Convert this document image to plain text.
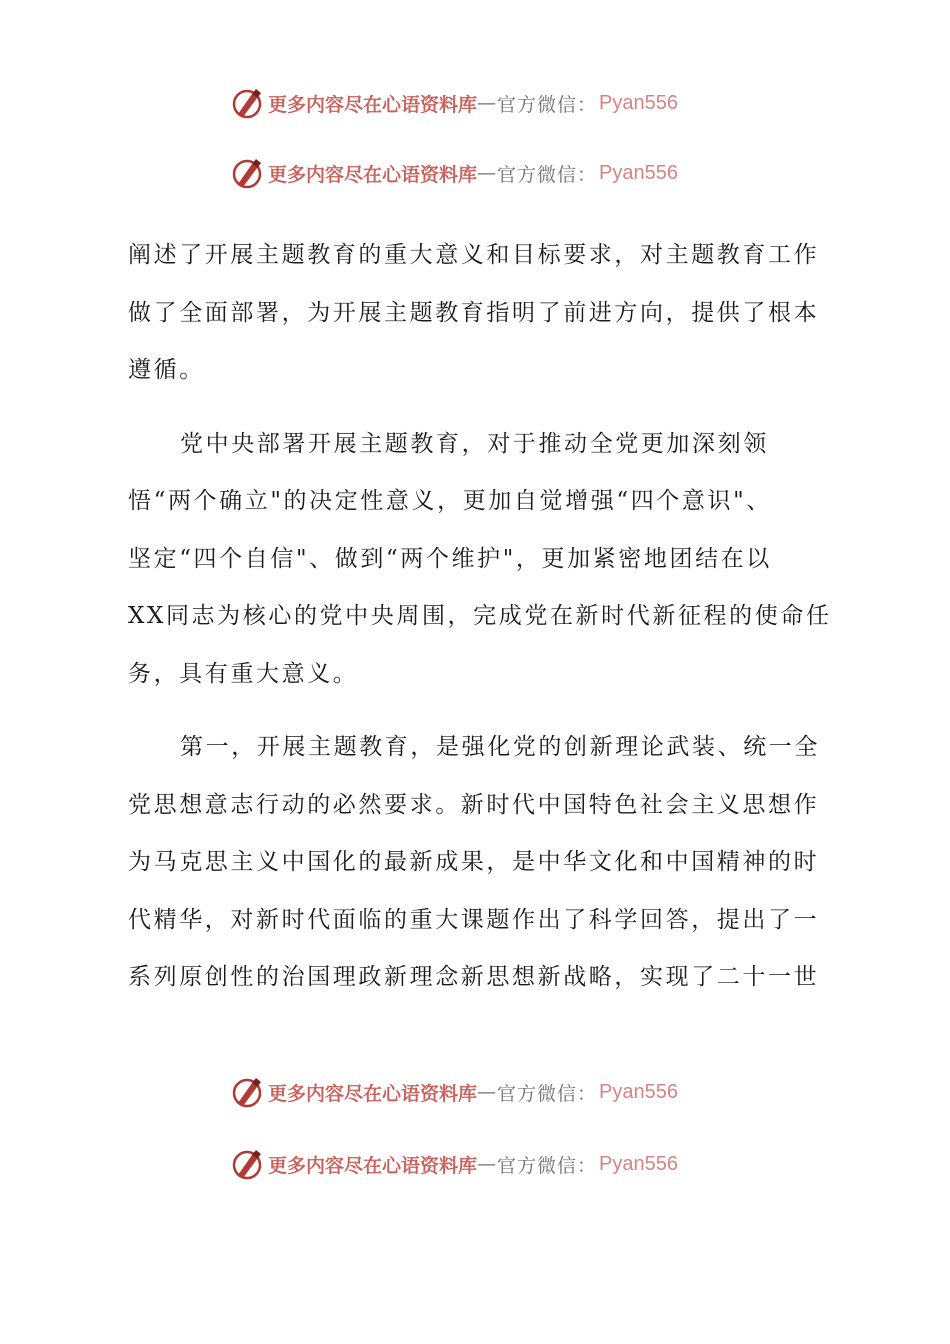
更多内容尽在心语资料库 — 官方微信： Pyan556
更多内容尽在心语资料库 — 官方微信： Pyan556

阐述了开展主题教育的重大意义和目标要求，对主题教育工作
做了全面部署，为开展主题教育指明了前进方向，提供了根本
遵循。

党中央部署开展主题教育，对于推动全党更加深刻领
悟“两个确立"的决定性意义，更加自觉增强“四个意识"、
坚定“四个自信"、做到“两个维护"，更加紧密地团结在以
XX同志为核心的党中央周围，完成党在新时代新征程的使命任
务，具有重大意义。

第一，开展主题教育，是强化党的创新理论武装、统一全
党思想意志行动的必然要求。新时代中国特色社会主义思想作
为马克思主义中国化的最新成果，是中华文化和中国精神的时
代精华，对新时代面临的重大课题作出了科学回答，提出了一
系列原创性的治国理政新理念新思想新战略，实现了二十一世

更多内容尽在心语资料库 — 官方微信： Pyan556
更多内容尽在心语资料库 — 官方微信： Pyan556
